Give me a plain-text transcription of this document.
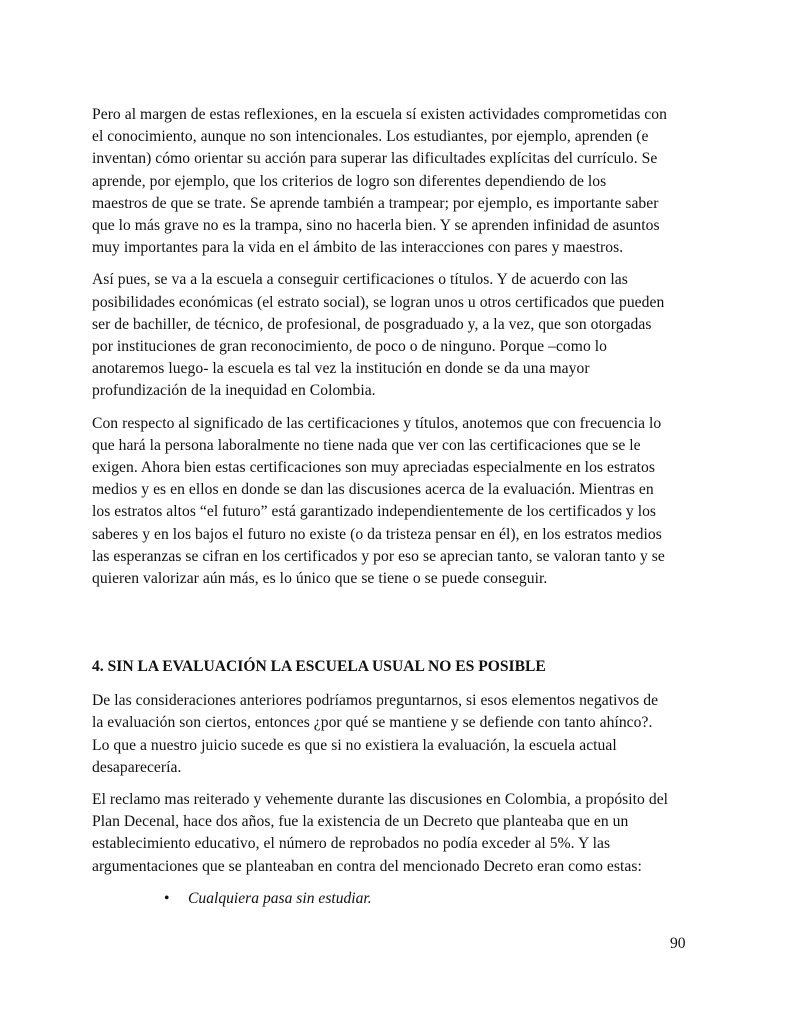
Pero al margen de estas reflexiones, en la escuela sí existen actividades comprometidas con
el conocimiento, aunque no son intencionales. Los estudiantes, por ejemplo, aprenden (e
inventan) cómo orientar su acción para superar las dificultades explícitas del currículo. Se
aprende, por ejemplo, que los criterios de logro son diferentes dependiendo de los
maestros de que se trate. Se aprende también a trampear; por ejemplo, es importante saber
que lo más grave no es la trampa, sino no hacerla bien. Y se aprenden infinidad de asuntos
muy importantes para la vida en el ámbito de las interacciones con pares y maestros.

Así pues, se va a la escuela a conseguir certificaciones o títulos. Y de acuerdo con las
posibilidades económicas (el estrato social), se logran unos u otros certificados que pueden
ser de bachiller, de técnico, de profesional, de posgraduado y, a la vez, que son otorgadas
por instituciones de gran reconocimiento, de poco o de ninguno. Porque –como lo
anotaremos luego- la escuela es tal vez la institución en donde se da una mayor
profundización de la inequidad en Colombia.

Con respecto al significado de las certificaciones y títulos, anotemos que con frecuencia lo
que hará la persona laboralmente no tiene nada que ver con las certificaciones que se le
exigen. Ahora bien estas certificaciones son muy apreciadas especialmente en los estratos
medios y es en ellos en donde se dan las discusiones acerca de la evaluación. Mientras en
los estratos altos “el futuro” está garantizado independientemente de los certificados y los
saberes y en los bajos el futuro no existe (o da tristeza pensar en él), en los estratos medios
las esperanzas se cifran en los certificados y por eso se aprecian tanto, se valoran tanto y se
quieren valorizar aún más, es lo único que se tiene o se puede conseguir.

4. SIN LA EVALUACIÓN LA ESCUELA USUAL NO ES POSIBLE

De las consideraciones anteriores podríamos preguntarnos, si esos elementos negativos de
la evaluación son ciertos, entonces ¿por qué se mantiene y se defiende con tanto ahínco?.
Lo que a nuestro juicio sucede es que si no existiera la evaluación, la escuela actual
desaparecería.

El reclamo mas reiterado y vehemente durante las discusiones en Colombia, a propósito del
Plan Decenal, hace dos años, fue la existencia de un Decreto que planteaba que en un
establecimiento educativo, el número de reprobados no podía exceder al 5%. Y las
argumentaciones que se planteaban en contra del mencionado Decreto eran como estas:

• Cualquiera pasa sin estudiar.
90
